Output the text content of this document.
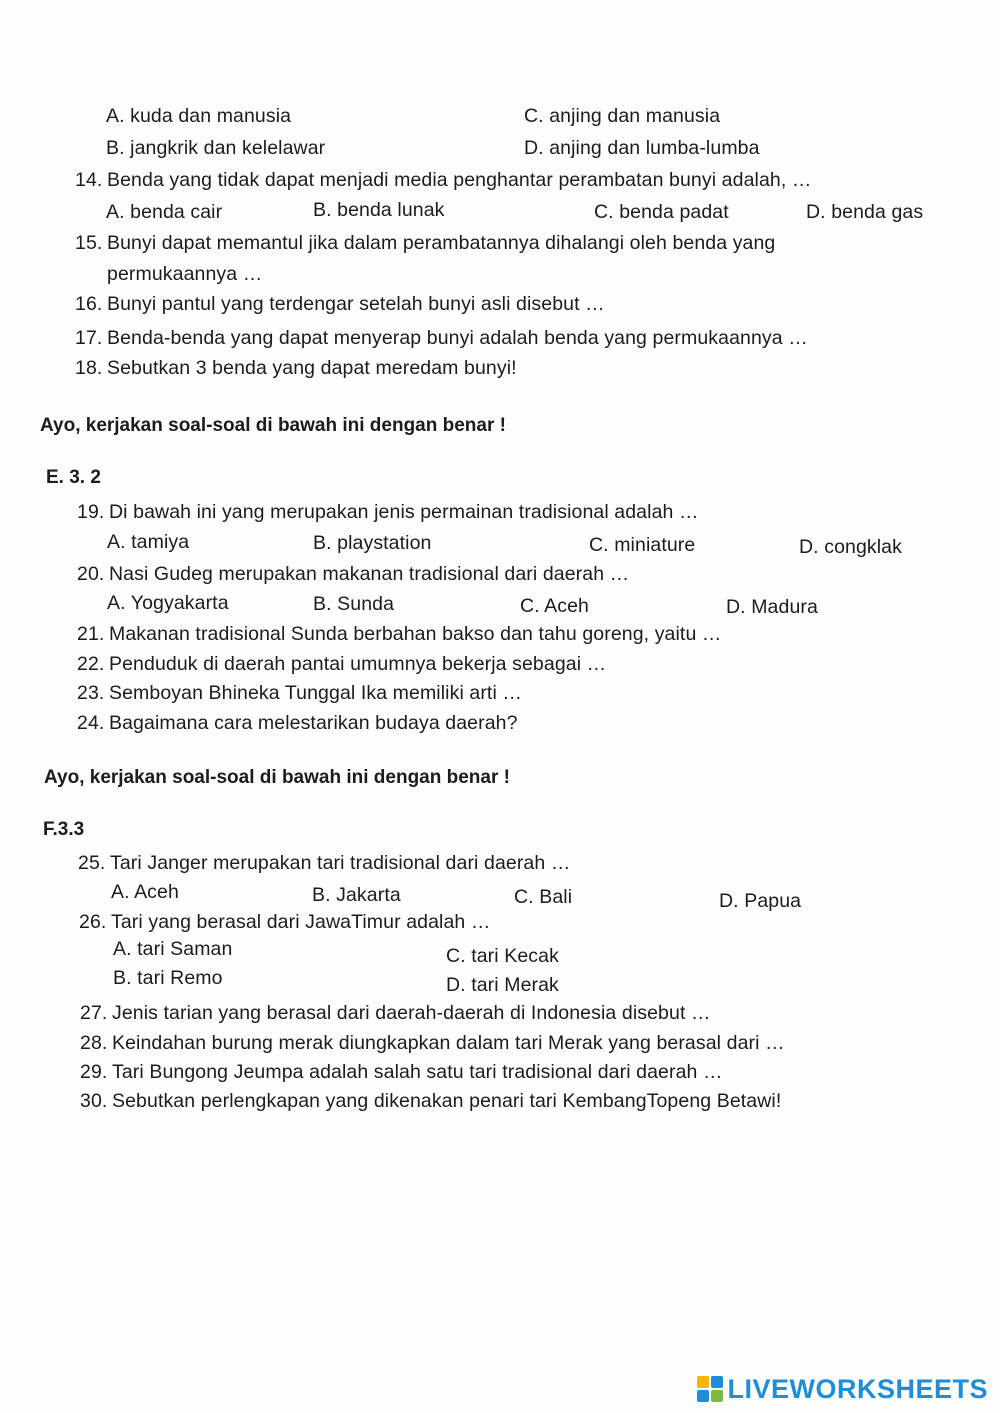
A. kuda dan manusia	C. anjing dan manusia
B. jangkrik dan kelelawar	D. anjing dan lumba-lumba
14. Benda yang tidak dapat menjadi media penghantar perambatan bunyi adalah, …
A. benda cair	B. benda lunak	C. benda padat	D. benda gas
15. Bunyi dapat memantul jika dalam perambatannya dihalangi oleh benda yang
permukaannya …
16. Bunyi pantul yang terdengar setelah bunyi asli disebut …
17. Benda-benda yang dapat menyerap bunyi adalah benda yang permukaannya …
18. Sebutkan 3 benda yang dapat meredam bunyi!
Ayo, kerjakan soal-soal di bawah ini dengan benar !
E. 3. 2
19. Di bawah ini yang merupakan jenis permainan tradisional adalah …
A. tamiya	B. playstation	C. miniature	D. congklak
20. Nasi Gudeg merupakan makanan tradisional dari daerah …
A. Yogyakarta	B. Sunda	C. Aceh	D. Madura
21. Makanan tradisional Sunda berbahan bakso dan tahu goreng, yaitu …
22. Penduduk di daerah pantai umumnya bekerja sebagai …
23. Semboyan Bhineka Tunggal Ika memiliki arti …
24. Bagaimana cara melestarikan budaya daerah?
Ayo, kerjakan soal-soal di bawah ini dengan benar !
F.3.3
25. Tari Janger merupakan tari tradisional dari daerah …
A. Aceh	B. Jakarta	C. Bali	D. Papua
26. Tari yang berasal dari JawaTimur adalah …
A. tari Saman	C. tari Kecak
B. tari Remo	D. tari Merak
27. Jenis tarian yang berasal dari daerah-daerah di Indonesia disebut …
28. Keindahan burung merak diungkapkan dalam tari Merak yang berasal dari …
29. Tari Bungong Jeumpa adalah salah satu tari tradisional dari daerah …
30. Sebutkan perlengkapan yang dikenakan penari tari KembangTopeng Betawi!
LIVEWORKSHEETS
